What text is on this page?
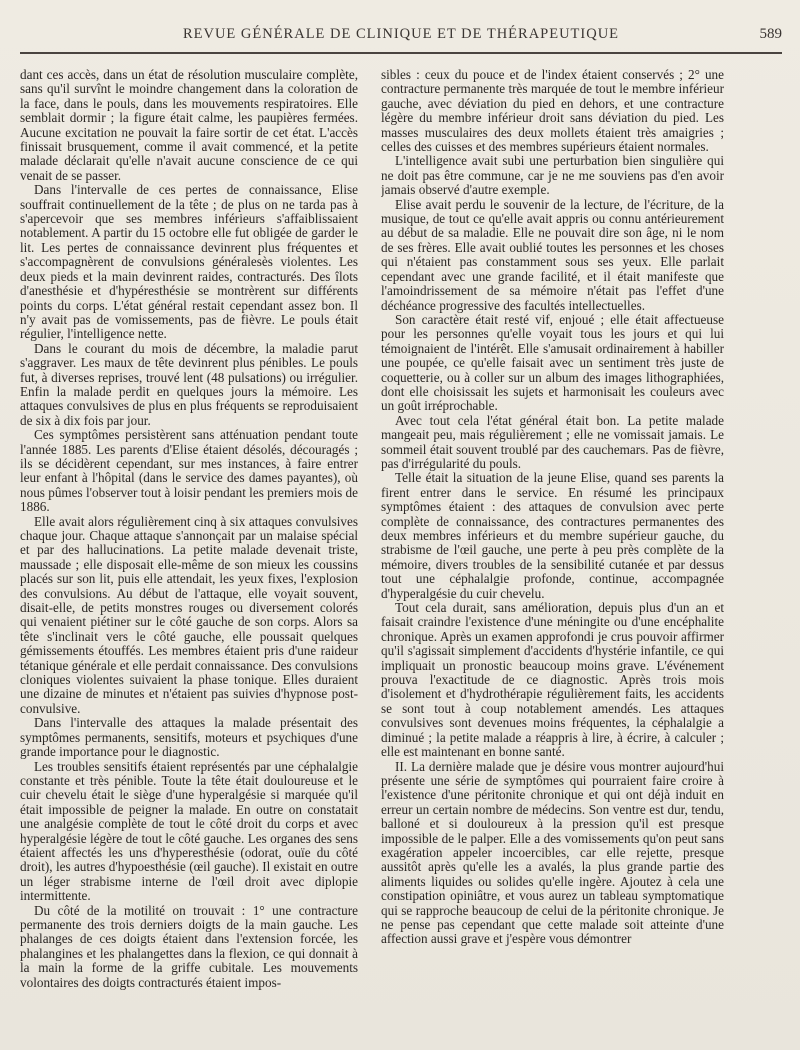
REVUE GÉNÉRALE DE CLINIQUE ET DE THÉRAPEUTIQUE	589

dant ces accès, dans un état de résolution musculaire complète, sans qu'il survînt le moindre changement dans la coloration de la face, dans le pouls, dans les mouvements respiratoires. Elle semblait dormir ; la figure était calme, les paupières fermées. Aucune excitation ne pouvait la faire sortir de cet état. L'accès finissait brusquement, comme il avait commencé, et la petite malade déclarait qu'elle n'avait aucune conscience de ce qui venait de se passer.

Dans l'intervalle de ces pertes de connaissance, Elise souffrait continuellement de la tête ; de plus on ne tarda pas à s'apercevoir que ses membres inférieurs s'affaiblissaient notablement. A partir du 15 octobre elle fut obligée de garder le lit. Les pertes de connaissance devinrent plus fréquentes et s'accompagnèrent de convulsions généralesès violentes. Les deux pieds et la main devinrent raides, contracturés. Des îlots d'anesthésie et d'hypéresthésie se montrèrent sur différents points du corps. L'état général restait cependant assez bon. Il n'y avait pas de vomissements, pas de fièvre. Le pouls était régulier, l'intelligence nette.

Dans le courant du mois de décembre, la maladie parut s'aggraver. Les maux de tête devinrent plus pénibles. Le pouls fut, à diverses reprises, trouvé lent (48 pulsations) ou irrégulier. Enfin la malade perdit en quelques jours la mémoire. Les attaques convulsives de plus en plus fréquents se reproduisaient de six à dix fois par jour.

Ces symptômes persistèrent sans atténuation pendant toute l'année 1885. Les parents d'Elise étaient désolés, découragés ; ils se décidèrent cependant, sur mes instances, à faire entrer leur enfant à l'hôpital (dans le service des dames payantes), où nous pûmes l'observer tout à loisir pendant les premiers mois de 1886.

Elle avait alors régulièrement cinq à six attaques convulsives chaque jour. Chaque attaque s'annonçait par un malaise spécial et par des hallucinations. La petite malade devenait triste, maussade ; elle disposait elle-même de son mieux les coussins placés sur son lit, puis elle attendait, les yeux fixes, l'explosion des convulsions. Au début de l'attaque, elle voyait souvent, disait-elle, de petits monstres rouges ou diversement colorés qui venaient piétiner sur le côté gauche de son corps. Alors sa tête s'inclinait vers le côté gauche, elle poussait quelques gémissements étouffés. Les membres étaient pris d'une raideur tétanique générale et elle perdait connaissance. Des convulsions cloniques violentes suivaient la phase tonique. Elles duraient une dizaine de minutes et n'étaient pas suivies d'hypnose post-convulsive.

Dans l'intervalle des attaques la malade présentait des symptômes permanents, sensitifs, moteurs et psychiques d'une grande importance pour le diagnostic.

Les troubles sensitifs étaient représentés par une céphalalgie constante et très pénible. Toute la tête était douloureuse et le cuir chevelu était le siège d'une hyperalgésie si marquée qu'il était impossible de peigner la malade. En outre on constatait une analgésie complète de tout le côté droit du corps et avec hyperalgésie légère de tout le côté gauche. Les organes des sens étaient affectés les uns d'hyperesthésie (odorat, ouïe du côté droit), les autres d'hypoesthésie (œil gauche). Il existait en outre un léger strabisme interne de l'œil droit avec diplopie intermittente.

Du côté de la motilité on trouvait : 1° une contracture permanente des trois derniers doigts de la main gauche. Les phalanges de ces doigts étaient dans l'extension forcée, les phalangines et les phalangettes dans la flexion, ce qui donnait à la main la forme de la griffe cubitale. Les mouvements volontaires des doigts contracturés étaient impos-

sibles : ceux du pouce et de l'index étaient conservés ; 2° une contracture permanente très marquée de tout le membre inférieur gauche, avec déviation du pied en dehors, et une contracture légère du membre inférieur droit sans déviation du pied. Les masses musculaires des deux mollets étaient très amaigries ; celles des cuisses et des membres supérieurs étaient normales.

L'intelligence avait subi une perturbation bien singulière qui ne doit pas être commune, car je ne me souviens pas d'en avoir jamais observé d'autre exemple.

Elise avait perdu le souvenir de la lecture, de l'écriture, de la musique, de tout ce qu'elle avait appris ou connu antérieurement au début de sa maladie. Elle ne pouvait dire son âge, ni le nom de ses frères. Elle avait oublié toutes les personnes et les choses qui n'étaient pas constamment sous ses yeux. Elle parlait cependant avec une grande facilité, et il était manifeste que l'amoindrissement de sa mémoire n'était pas l'effet d'une déchéance progressive des facultés intellectuelles.

Son caractère était resté vif, enjoué ; elle était affectueuse pour les personnes qu'elle voyait tous les jours et qui lui témoignaient de l'intérêt. Elle s'amusait ordinairement à habiller une poupée, ce qu'elle faisait avec un sentiment très juste de coquetterie, ou à coller sur un album des images lithographiées, dont elle choisissait les sujets et harmonisait les couleurs avec un goût irréprochable.

Avec tout cela l'état général était bon. La petite malade mangeait peu, mais régulièrement ; elle ne vomissait jamais. Le sommeil était souvent troublé par des cauchemars. Pas de fièvre, pas d'irrégularité du pouls.

Telle était la situation de la jeune Elise, quand ses parents la firent entrer dans le service. En résumé les principaux symptômes étaient : des attaques de convulsion avec perte complète de connaissance, des contractures permanentes des deux membres inférieurs et du membre supérieur gauche, du strabisme de l'œil gauche, une perte à peu près complète de la mémoire, divers troubles de la sensibilité cutanée et par dessus tout une céphalalgie profonde, continue, accompagnée d'hyperalgésie du cuir chevelu.

Tout cela durait, sans amélioration, depuis plus d'un an et faisait craindre l'existence d'une méningite ou d'une encéphalite chronique. Après un examen approfondi je crus pouvoir affirmer qu'il s'agissait simplement d'accidents d'hystérie infantile, ce qui impliquait un pronostic beaucoup moins grave. L'événement prouva l'exactitude de ce diagnostic. Après trois mois d'isolement et d'hydrothérapie régulièrement faits, les accidents se sont tout à coup notablement amendés. Les attaques convulsives sont devenues moins fréquentes, la céphalalgie a diminué ; la petite malade a réappris à lire, à écrire, à calculer ; elle est maintenant en bonne santé.

II. La dernière malade que je désire vous montrer aujourd'hui présente une série de symptômes qui pourraient faire croire à l'existence d'une péritonite chronique et qui ont déjà induit en erreur un certain nombre de médecins. Son ventre est dur, tendu, balloné et si douloureux à la pression qu'il est presque impossible de le palper. Elle a des vomissements qu'on peut sans exagération appeler incoercibles, car elle rejette, presque aussitôt après qu'elle les a avalés, la plus grande partie des aliments liquides ou solides qu'elle ingère. Ajoutez à cela une constipation opiniâtre, et vous aurez un tableau symptomatique qui se rapproche beaucoup de celui de la péritonite chronique. Je ne pense pas cependant que cette malade soit atteinte d'une affection aussi grave et j'espère vous démontrer
